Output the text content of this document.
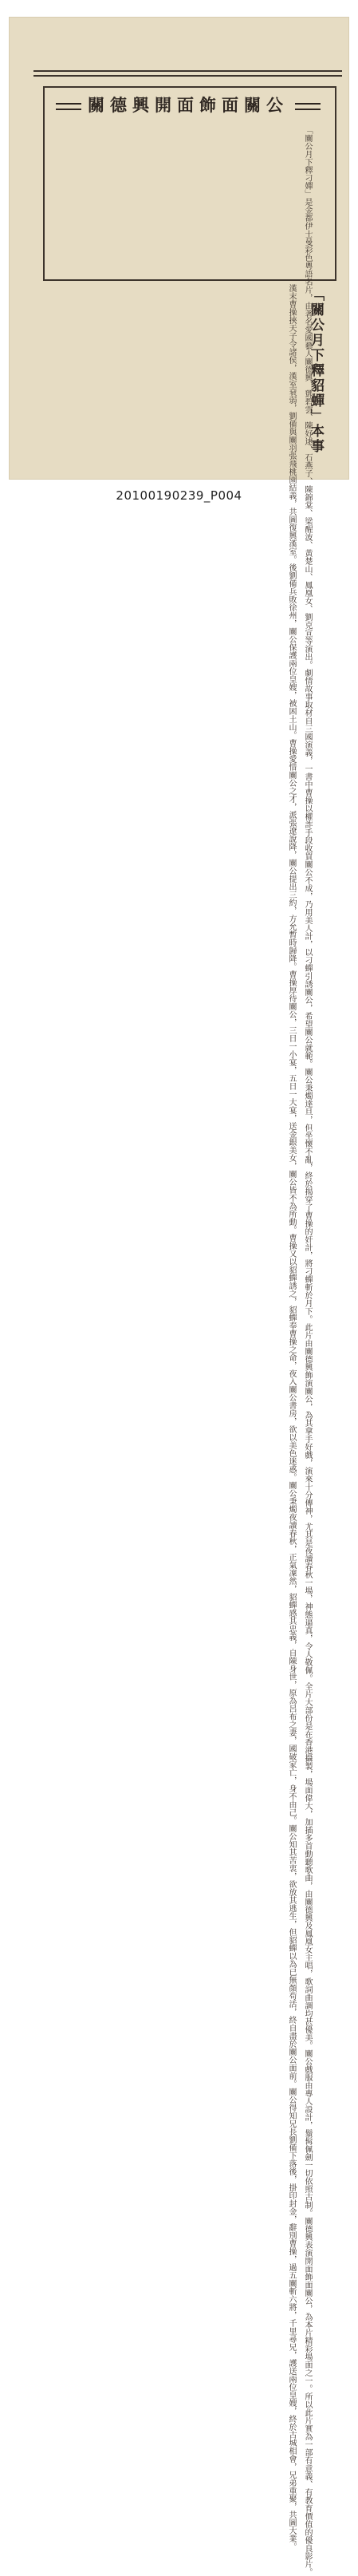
關德興開面飾面關公
「關公月下釋刁嬋」是金都伊士曼彩色粵語名片，由著名愛國藝人關德興、鄧碧雲、陳好逑、石燕子、陳錦棠、梁醒波、黃楚山、鳳凰女、劉克宣等演出。劇情故事取材自三國演義，一書中曹操以權詐手段收買關公不成，乃用美人計，以刁蟬引誘關公，希望關公就範。關公秉燭達旦，但坐懷不亂，終於揭穿了曹操的奸計，將刁蟬斬於月下。此片由關德興飾演關公，為其拿手好戲，演來十分傳神，尤其是夜讀春秋一場，神態逼真，令人敬佩。全片大部份是在香港攝製，場面偉大，加插多首動聽歌曲，由關德興及鳳凰女主唱，歌詞曲調均甚優美。關公戲服由專人設計，鬚髯佩劍一切依照古制。關德興表演開面飾面關公，為本片精彩場面之一。所以此片實為一部有意義、有教育價值的優良影片。
「關公月下釋貂蟬」本事
漢末曹操挾天子令諸侯，漢室衰弱，劉備與關羽張飛桃園結義，共圖復興漢室。後劉備兵敗徐州，關公保護兩位皇嫂，被困土山。曹操愛惜關公之才，派張遼說降，關公提出三約，方允暫時歸降。曹操厚待關公，三日一小宴，五日一大宴，送金銀美女，關公皆不為所動。曹操又以貂蟬誘之，貂蟬奉曹操之命，夜入關公書房，欲以美色迷惑。關公秉燭夜讀春秋，正氣凜然，貂蟬感其忠義，自陳身世，原為呂布之妻，國破家亡，身不由己。關公知其苦衷，欲放其逃生，但貂蟬以為已無顏苟活，終自盡於關公面前。關公得知兄長劉備下落後，掛印封金，辭別曹操，過五關斬六將，千里尋兄，護送兩位皇嫂，終於古城相會，兄弟重聚，共圖大業。
20100190239_P004
